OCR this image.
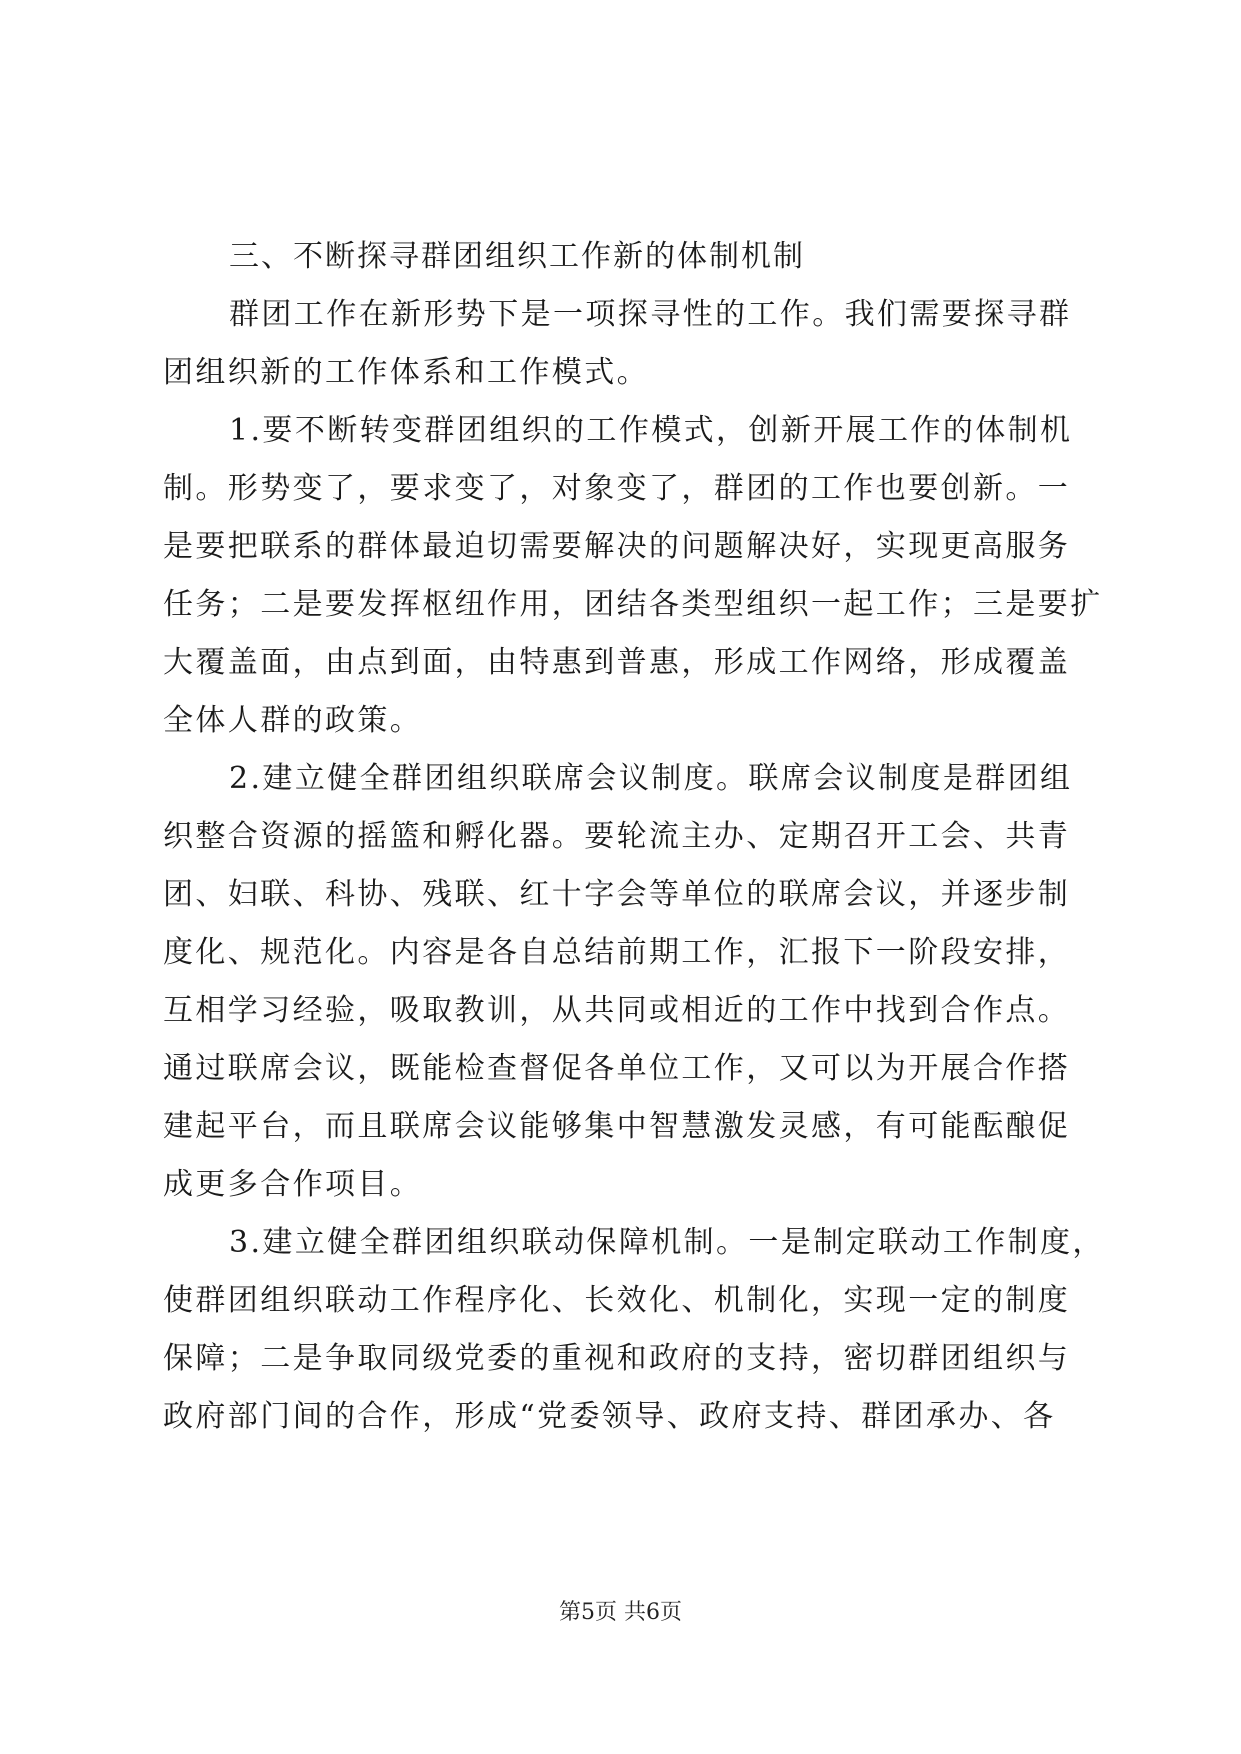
三、不断探寻群团组织工作新的体制机制
群团工作在新形势下是一项探寻性的工作。我们需要探寻群
团组织新的工作体系和工作模式。
1.要不断转变群团组织的工作模式，创新开展工作的体制机
制。形势变了，要求变了，对象变了，群团的工作也要创新。一
是要把联系的群体最迫切需要解决的问题解决好，实现更高服务
任务；二是要发挥枢纽作用，团结各类型组织一起工作；三是要扩
大覆盖面，由点到面，由特惠到普惠，形成工作网络，形成覆盖
全体人群的政策。
2.建立健全群团组织联席会议制度。联席会议制度是群团组
织整合资源的摇篮和孵化器。要轮流主办、定期召开工会、共青
团、妇联、科协、残联、红十字会等单位的联席会议，并逐步制
度化、规范化。内容是各自总结前期工作，汇报下一阶段安排，
互相学习经验，吸取教训，从共同或相近的工作中找到合作点。
通过联席会议，既能检查督促各单位工作，又可以为开展合作搭
建起平台，而且联席会议能够集中智慧激发灵感，有可能酝酿促
成更多合作项目。
3.建立健全群团组织联动保障机制。一是制定联动工作制度，
使群团组织联动工作程序化、长效化、机制化，实现一定的制度
保障；二是争取同级党委的重视和政府的支持，密切群团组织与
政府部门间的合作，形成“党委领导、政府支持、群团承办、各
第5页 共6页
